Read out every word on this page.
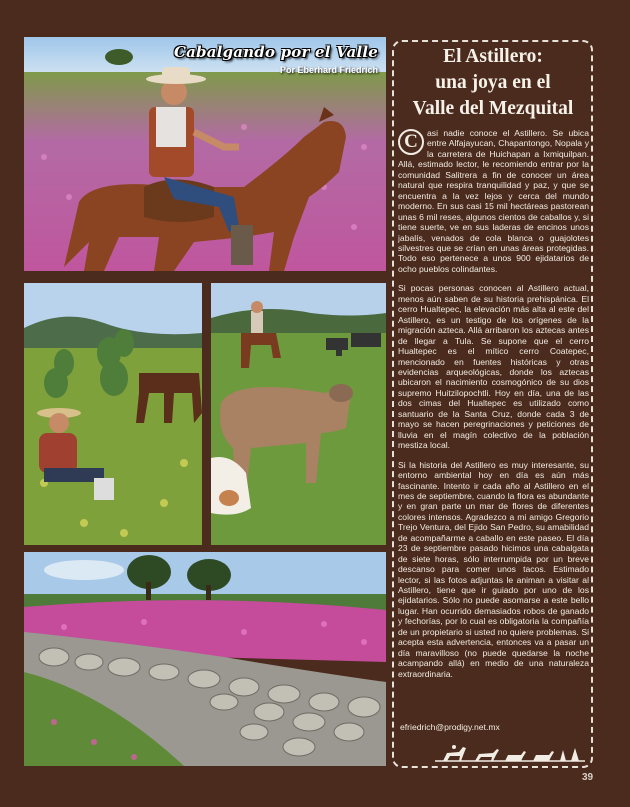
Cabalgando por el Valle
Por Eberhard Friedrich
El Astillero:
una joya en el
Valle del Mezquital

C	asi nadie conoce el Astillero. Se ubica entre Alfajayucan, Chapantongo, Nopala y la carretera de Huichapan a Ixmiquilpan. Allá, estimado lector, le recomiendo entrar por la comunidad Salitrera a fin de conocer un área natural que respira tranquilidad y paz, y que se encuentra a la vez lejos y cerca del mundo moderno. En sus casi 15 mil hectáreas pastorean unas 6 mil reses, algunos cientos de caballos y, si tiene suerte, ve en sus laderas de encinos unos jabalís, venados de cola blanca o guajolotes silvestres que se crían en unas áreas protegidas. Todo eso pertenece a unos 900 ejidatarios de ocho pueblos colindantes.

Si pocas personas conocen al Astillero actual, menos aún saben de su historia prehispánica. El cerro Hualtepec, la elevación más alta al este del Astillero, es un testigo de los orígenes de la migración azteca. Allá arribaron los aztecas antes de llegar a Tula. Se supone que el cerro Hualtepec es el mítico cerro Coatepec, mencionado en fuentes históricas y otras evidencias arqueológicas, donde los aztecas ubicaron el nacimiento cosmogónico de su dios supremo Huitzilopochtli. Hoy en día, una de las dos cimas del Hualtepec es utilizado como santuario de la Santa Cruz, donde cada 3 de mayo se hacen peregrinaciones y peticiones de lluvia en el magín colectivo de la población mestiza local.

Si la historia del Astillero es muy interesante, su entorno ambiental hoy en día es aún más fascinante. Intento ir cada año al Astillero en el mes de septiembre, cuando la flora es abundante y en gran parte un mar de flores de diferentes colores intensos. Agradezco a mi amigo Gregorio Trejo Ventura, del Ejido San Pedro, su amabilidad de acompañarme a caballo en este paseo. El día 23 de septiembre pasado hicimos una cabalgata de siete horas, sólo interrumpida por un breve descanso para comer unos tacos. Estimado lector, si las fotos adjuntas le animan a visitar al Astillero, tiene que ir guiado por uno de los ejidatarios. Sólo no puede asomarse a este bello lugar. Han ocurrido demasiados robos de ganado y fechorías, por lo cual es obligatoria la compañía de un propietario si usted no quiere problemas. Si acepta esta advertencia, entonces va a pasar un día maravilloso (no puede quedarse la noche acampando allá) en medio de una naturaleza extraordinaria.

efriedrich@prodigy.net.mx
39
